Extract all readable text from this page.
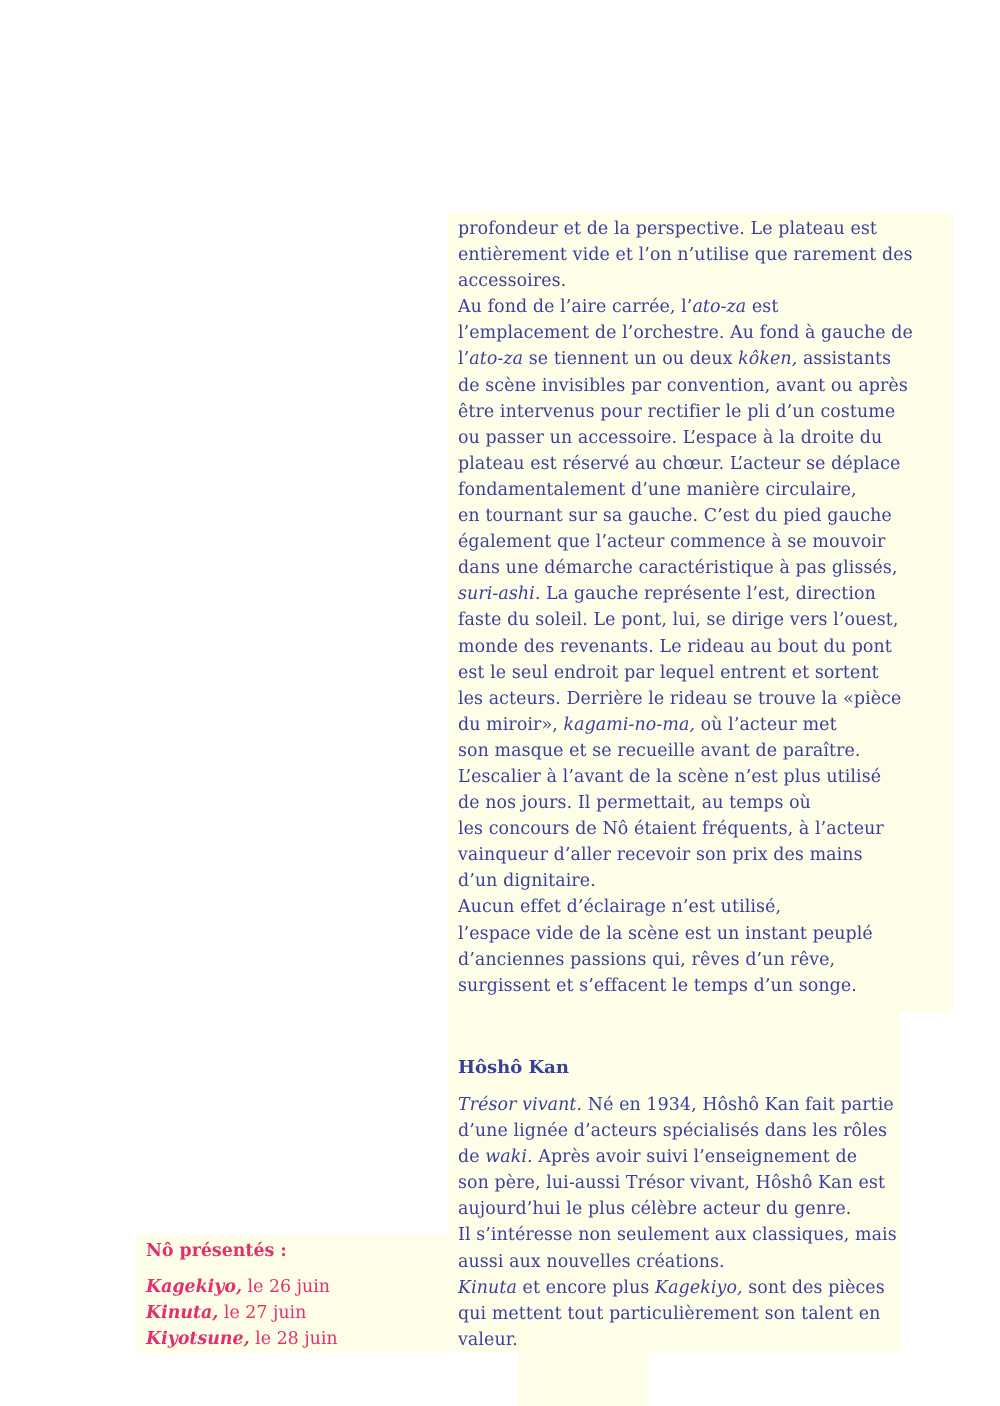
profondeur et de la perspective. Le plateau est
entièrement vide et l’on n’utilise que rarement des
accessoires.
Au fond de l’aire carrée, l’ato-za est
l’emplacement de l’orchestre. Au fond à gauche de
l’ato-za se tiennent un ou deux kôken, assistants
de scène invisibles par convention, avant ou après
être intervenus pour rectifier le pli d’un costume
ou passer un accessoire. L’espace à la droite du
plateau est réservé au chœur. L’acteur se déplace
fondamentalement d’une manière circulaire,
en tournant sur sa gauche. C’est du pied gauche
également que l’acteur commence à se mouvoir
dans une démarche caractéristique à pas glissés,
suri-ashi. La gauche représente l’est, direction
faste du soleil. Le pont, lui, se dirige vers l’ouest,
monde des revenants. Le rideau au bout du pont
est le seul endroit par lequel entrent et sortent
les acteurs. Derrière le rideau se trouve la «pièce
du miroir», kagami-no-ma, où l’acteur met
son masque et se recueille avant de paraître.
L’escalier à l’avant de la scène n’est plus utilisé
de nos jours. Il permettait, au temps où
les concours de Nô étaient fréquents, à l’acteur
vainqueur d’aller recevoir son prix des mains
d’un dignitaire.
Aucun effet d’éclairage n’est utilisé,
l’espace vide de la scène est un instant peuplé
d’anciennes passions qui, rêves d’un rêve,
surgissent et s’effacent le temps d’un songe.
Hôshô Kan
Trésor vivant. Né en 1934, Hôshô Kan fait partie
d’une lignée d’acteurs spécialisés dans les rôles
de waki. Après avoir suivi l’enseignement de
son père, lui-aussi Trésor vivant, Hôshô Kan est
aujourd’hui le plus célèbre acteur du genre.
Il s’intéresse non seulement aux classiques, mais
aussi aux nouvelles créations.
Kinuta et encore plus Kagekiyo, sont des pièces
qui mettent tout particulièrement son talent en
valeur.
Nô présentés :
Kagekiyo, le 26 juin
Kinuta, le 27 juin
Kiyotsune, le 28 juin
